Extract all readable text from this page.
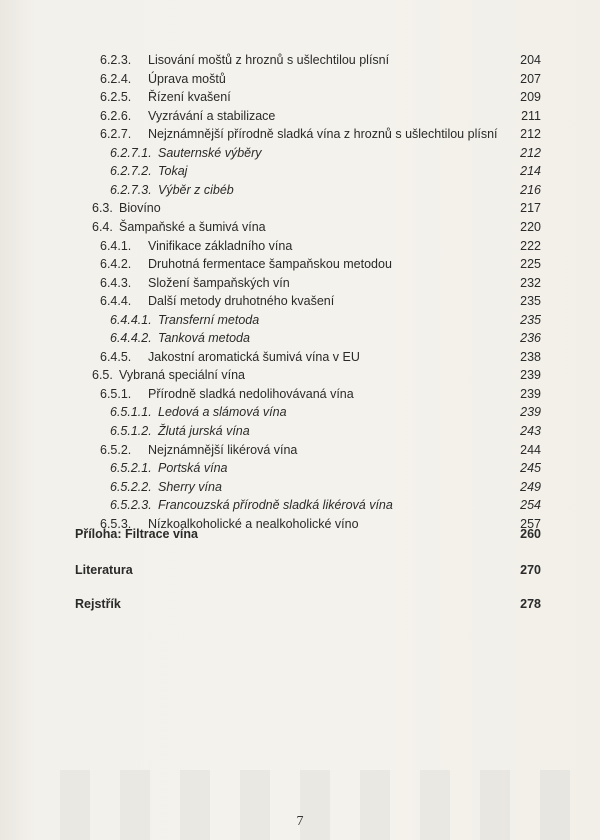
6.2.3. Lisování moštů z hroznů s ušlechtilou plísní	204
6.2.4. Úprava moštů	207
6.2.5. Řízení kvašení	209
6.2.6. Vyzrávání a stabilizace	211
6.2.7. Nejznámnější přírodně sladká vína z hroznů s ušlechtilou plísní	212
6.2.7.1. Sauternské výběry	212
6.2.7.2. Tokaj	214
6.2.7.3. Výběr z cibéb	216
6.3. Biovíno	217
6.4. Šampaňské a šumivá vína	220
6.4.1. Vinifikace základního vína	222
6.4.2. Druhotná fermentace šampaňskou metodou	225
6.4.3. Složení šampaňských vín	232
6.4.4. Další metody druhotného kvašení	235
6.4.4.1. Transferní metoda	235
6.4.4.2. Tanková metoda	236
6.4.5. Jakostní aromatická šumivá vína v EU	238
6.5. Vybraná speciální vína	239
6.5.1. Přírodně sladká nedolihovávaná vína	239
6.5.1.1. Ledová a slámová vína	239
6.5.1.2. Žlutá jurská vína	243
6.5.2. Nejznámnější likérová vína	244
6.5.2.1. Portská vína	245
6.5.2.2. Sherry vína	249
6.5.2.3. Francouzská přírodně sladká likérová vína	254
6.5.3. Nízkoalkoholické a nealkoholické víno	257
Příloha: Filtrace vína	260
Literatura	270
Rejstřík	278
7
